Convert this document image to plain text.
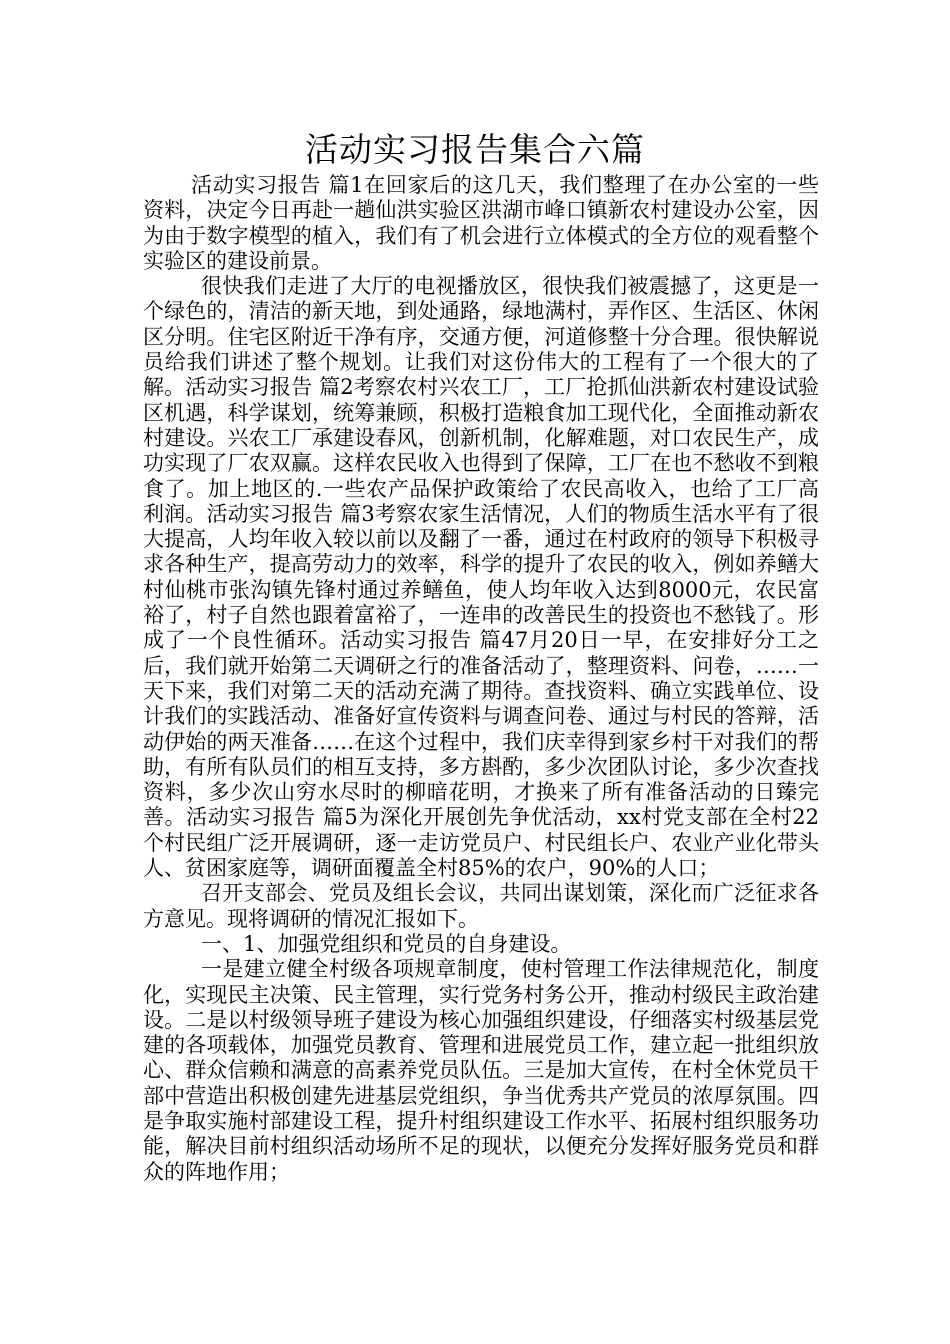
活动实习报告集合六篇

活动实习报告 篇1在回家后的这几天，我们整理了在办公室的一些资料，决定今日再赴一趟仙洪实验区洪湖市峰口镇新农村建设办公室，因为由于数字模型的植入，我们有了机会进行立体模式的全方位的观看整个实验区的建设前景。

很快我们走进了大厅的电视播放区，很快我们被震撼了，这更是一个绿色的，清洁的新天地，到处通路，绿地满村，弄作区、生活区、休闲区分明。住宅区附近干净有序，交通方便，河道修整十分合理。很快解说员给我们讲述了整个规划。让我们对这份伟大的工程有了一个很大的了解。活动实习报告 篇2考察农村兴农工厂，工厂抢抓仙洪新农村建设试验区机遇，科学谋划，统筹兼顾，积极打造粮食加工现代化，全面推动新农村建设。兴农工厂承建设春风，创新机制，化解难题，对口农民生产，成功实现了厂农双赢。这样农民收入也得到了保障，工厂在也不愁收不到粮食了。加上地区的.一些农产品保护政策给了农民高收入，也给了工厂高利润。活动实习报告 篇3考察农家生活情况，人们的物质生活水平有了很大提高，人均年收入较以前以及翻了一番，通过在村政府的领导下积极寻求各种生产，提高劳动力的效率，科学的提升了农民的收入，例如养鳝大村仙桃市张沟镇先锋村通过养鳝鱼，使人均年收入达到8000元，农民富裕了，村子自然也跟着富裕了，一连串的改善民生的投资也不愁钱了。形成了一个良性循环。活动实习报告 篇47月20日一早，在安排好分工之后，我们就开始第二天调研之行的准备活动了，整理资料、问卷，……一天下来，我们对第二天的活动充满了期待。查找资料、确立实践单位、设计我们的实践活动、准备好宣传资料与调查问卷、通过与村民的答辩，活动伊始的两天准备……在这个过程中，我们庆幸得到家乡村干对我们的帮助，有所有队员们的相互支持，多方斟酌，多少次团队讨论，多少次查找资料，多少次山穷水尽时的柳暗花明，才换来了所有准备活动的日臻完善。活动实习报告 篇5为深化开展创先争优活动，xx村党支部在全村22个村民组广泛开展调研，逐一走访党员户、村民组长户、农业产业化带头人、贫困家庭等，调研面覆盖全村85%的农户，90%的人口；

召开支部会、党员及组长会议，共同出谋划策，深化而广泛征求各方意见。现将调研的情况汇报如下。

一、1、加强党组织和党员的自身建设。

一是建立健全村级各项规章制度，使村管理工作法律规范化，制度化，实现民主决策、民主管理，实行党务村务公开，推动村级民主政治建设。二是以村级领导班子建设为核心加强组织建设，仔细落实村级基层党建的各项载体，加强党员教育、管理和进展党员工作，建立起一批组织放心、群众信赖和满意的高素养党员队伍。三是加大宣传，在村全休党员干部中营造出积极创建先进基层党组织，争当优秀共产党员的浓厚氛围。四是争取实施村部建设工程，提升村组织建设工作水平、拓展村组织服务功能，解决目前村组织活动场所不足的现状，以便充分发挥好服务党员和群众的阵地作用；
